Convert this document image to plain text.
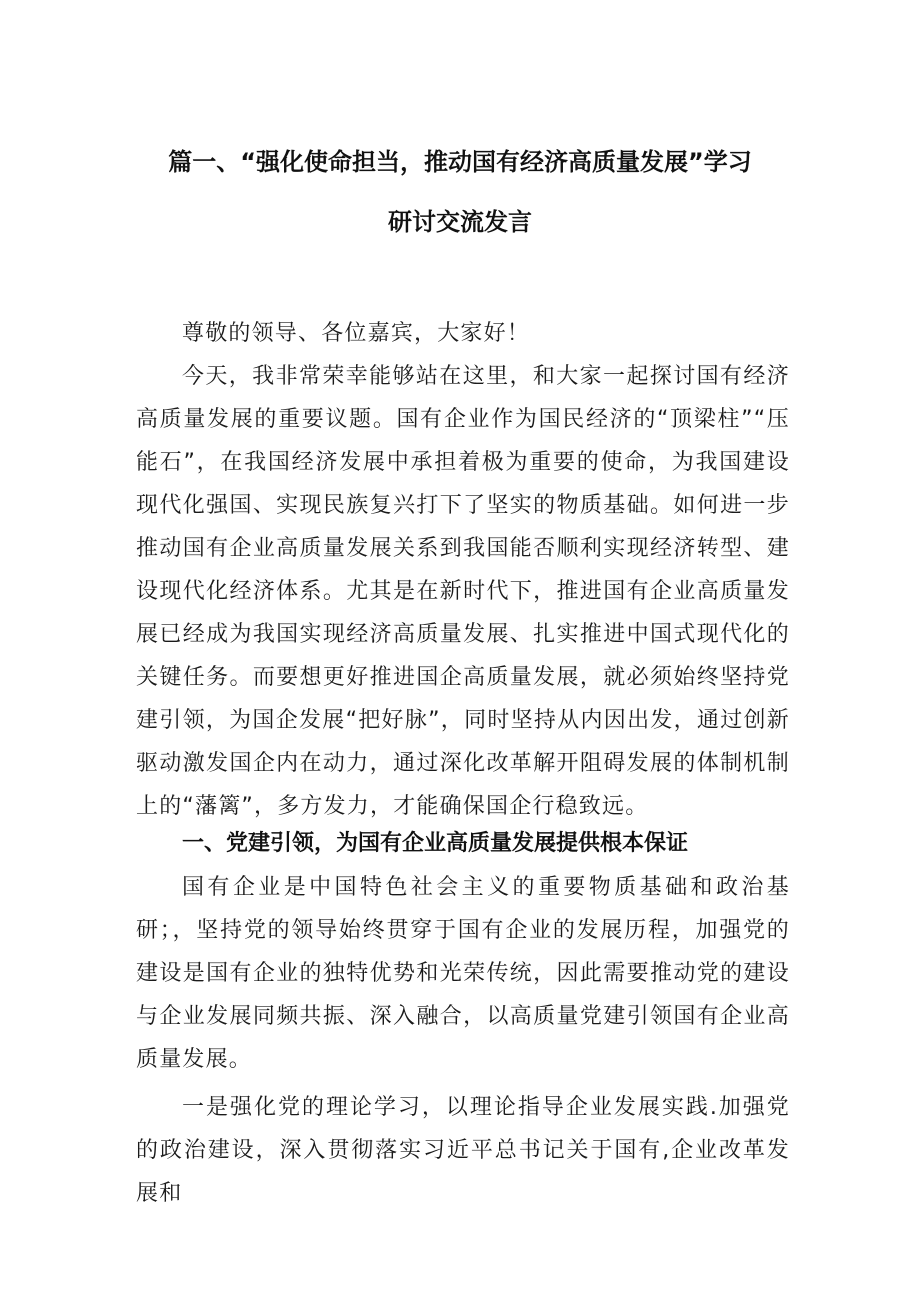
篇一、“强化使命担当，推动国有经济高质量发展”学习
研讨交流发言

尊敬的领导、各位嘉宾，大家好！

今天，我非常荣幸能够站在这里，和大家一起探讨国有经济高质量发展的重要议题。国有企业作为国民经济的“顶梁柱”“压能石”，在我国经济发展中承担着极为重要的使命，为我国建设现代化强国、实现民族复兴打下了坚实的物质基础。如何进一步推动国有企业高质量发展关系到我国能否顺利实现经济转型、建设现代化经济体系。尤其是在新时代下，推进国有企业高质量发展已经成为我国实现经济高质量发展、扎实推进中国式现代化的关键任务。而要想更好推进国企高质量发展，就必须始终坚持党建引领，为国企发展“把好脉”，同时坚持从内因出发，通过创新驱动激发国企内在动力，通过深化改革解开阻碍发展的体制机制上的“藩篱”，多方发力，才能确保国企行稳致远。

一、党建引领，为国有企业高质量发展提供根本保证

国有企业是中国特色社会主义的重要物质基础和政治基研；，坚持党的领导始终贯穿于国有企业的发展历程，加强党的建设是国有企业的独特优势和光荣传统，因此需要推动党的建设与企业发展同频共振、深入融合，以高质量党建引领国有企业高质量发展。

一是强化党的理论学习，以理论指导企业发展实践.加强党的政治建设，深入贯彻落实习近平总书记关于国有,企业改革发展和
